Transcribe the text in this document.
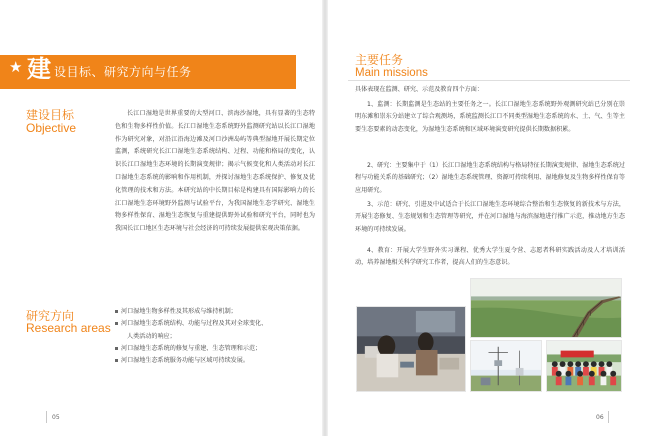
★ 建 设目标、研究方向与任务
建设目标
Objective

长江口湿地是世界重要的大型河口、滨海沙湿地，具有显著的生态特色和生物多样性价值。长江口湿地生态系统野外监测研究站以长江口湿地作为研究对象，对沿江沿海边滩及河口沙洲岛屿等典型湿地开展长期定位监测，系统研究长江口湿地生态系统结构、过程、功能和格局的变化，认识长江口湿地生态环境的长期演变规律；揭示气候变化和人类活动对长江口湿地生态系统的影响和作用机制，并探讨湿地生态系统保护、修复及优化管理的技术和方法。本研究站的中长期目标是构建具有国际影响力的长江口湿地生态环境野外监测与试验平台，为我国湿地生态学研究、湿地生物多样性保育、湿地生态恢复与重建提供野外试验和研究平台，同时也为我国长江口地区生态环境与社会经济的可持续发展提供宏观决策依据。

研究方向
Research areas
河口湿地生物多样性及其形成与维持机制；
河口湿地生态系统结构、功能与过程及其对全球变化、
人类活动的响应；
河口湿地生态系统的修复与重建、生态管理和示范；
河口湿地生态系统服务功能与区域可持续发展。
05
主要任务
Main missions

具体表现在监测、研究、示范及教育四个方面：

1、监测：长期监测是生态站的主要任务之一。长江口湿地生态系统野外观测研究站已分别在崇明东滩和崇东分站建立了综合观测场，系统监测长江口不同类型湿地生态系统的水、土、气、生等主要生态要素的动态变化，为湿地生态系统和区域环境演变研究提供长期数据积累。

2、研究：主要集中于（1）长江口湿地生态系统结构与格局特征长期演变规律、湿地生态系统过程与功能关系的基础研究；（2）湿地生态系统管理、资源可持续利用、湿地修复及生物多样性保育等应用研究。

3、示范：研究、引进及中试适合于长江口湿地生态环境综合整治和生态恢复的新技术与方法，开展生态修复、生态规划和生态管理等研究，并在河口湿地与海滨湿地进行推广示范，推动地方生态环境的可持续发展。

4、教育：开展大学生野外实习课程、优秀大学生夏令营、志愿者科研实践活动及人才培训活动，培养湿地相关科学研究工作者，提高人们的生态意识。

06
